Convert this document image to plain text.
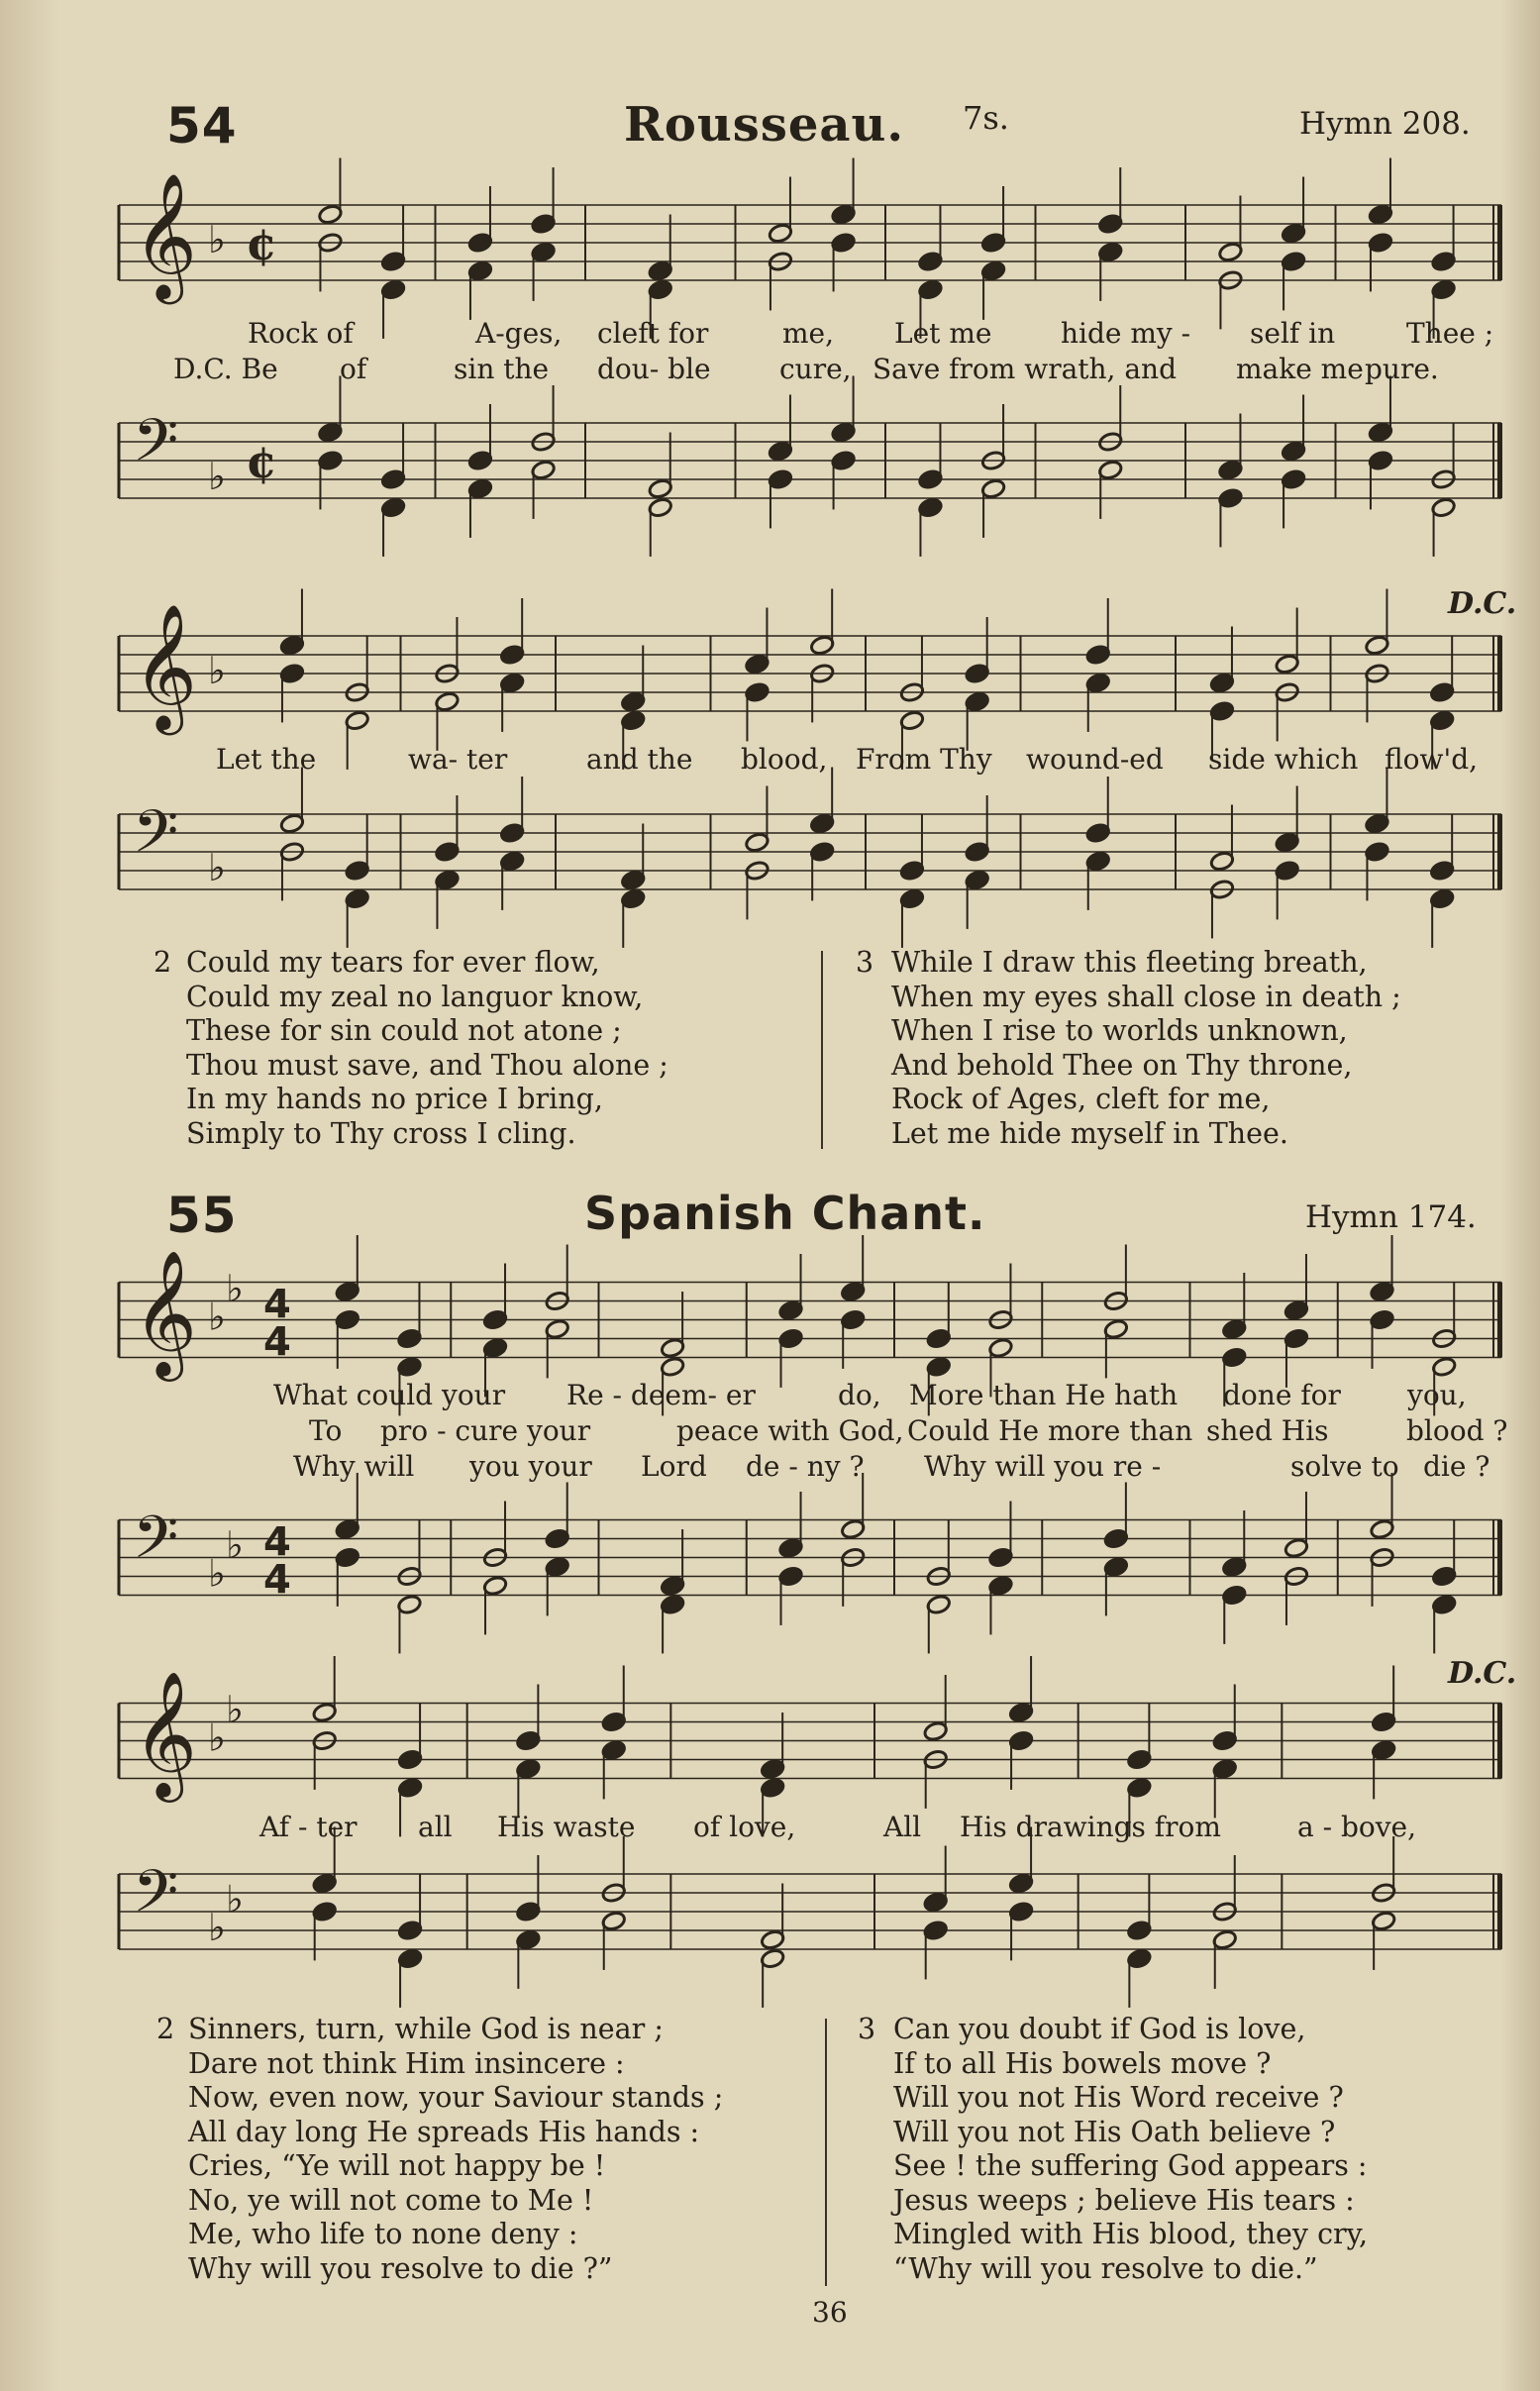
54	Rousseau. 7s.	Hymn 208.
𝄞 ♭ ¢
𝄢 ♭ ¢
Rock of	A-ges, cleft for	me, Let me hide my - self in	Thee ;
D.C. Be of	sin the dou- ble cure, Save from wrath, and make me pure.
D.C.
𝄞 ♭
Let the	wa- ter	and the blood, From Thy wound-ed side which flow'd,
𝄢 ♭
2 Could my tears for ever flow,
Could my zeal no languor know,
These for sin could not atone ;
Thou must save, and Thou alone ;
In my hands no price I bring,
Simply to Thy cross I cling.
3 While I draw this fleeting breath,
When my eyes shall close in death ;
When I rise to worlds unknown,
And behold Thee on Thy throne,
Rock of Ages, cleft for me,
Let me hide myself in Thee.
55	Spanish Chant.	Hymn 174.
𝄞 ♭
♭ 4
4
What could your Re - deem- er	do, More than He hath done for you,
To pro - cure your	peace with God, Could He more than shed His	blood ?
Why will you your Lord de - ny ? Why will you re -	solve to die ?
𝄢 ♭
♭ 4
4
D.C.
𝄞 ♭
♭
Af - ter all His waste of love,	All His drawings from	a - bove,
𝄢 ♭
♭
2 Sinners, turn, while God is near ;
Dare not think Him insincere :
Now, even now, your Saviour stands ;
All day long He spreads His hands :
Cries, “Ye will not happy be !
No, ye will not come to Me !
Me, who life to none deny :
Why will you resolve to die ?”
3 Can you doubt if God is love,
If to all His bowels move ?
Will you not His Word receive ?
Will you not His Oath believe ?
See ! the suffering God appears :
Jesus weeps ; believe His tears :
Mingled with His blood, they cry,
“Why will you resolve to die.”
36
